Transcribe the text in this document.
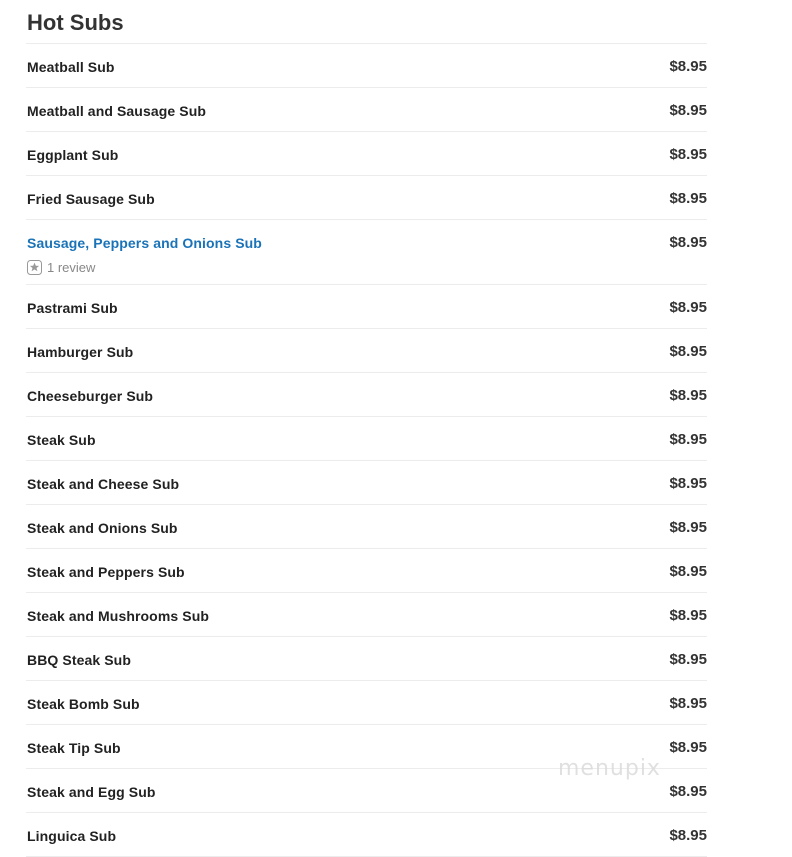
Hot Subs
Meatball Sub	$8.95
Meatball and Sausage Sub	$8.95
Eggplant Sub	$8.95
Fried Sausage Sub	$8.95
Sausage, Peppers and Onions Sub	$8.95
1 review
Pastrami Sub	$8.95
Hamburger Sub	$8.95
Cheeseburger Sub	$8.95
Steak Sub	$8.95
Steak and Cheese Sub	$8.95
Steak and Onions Sub	$8.95
Steak and Peppers Sub	$8.95
Steak and Mushrooms Sub	$8.95
BBQ Steak Sub	$8.95
Steak Bomb Sub	$8.95
Steak Tip Sub	$8.95
Steak and Egg Sub	$8.95
Linguica Sub	$8.95
menupix
